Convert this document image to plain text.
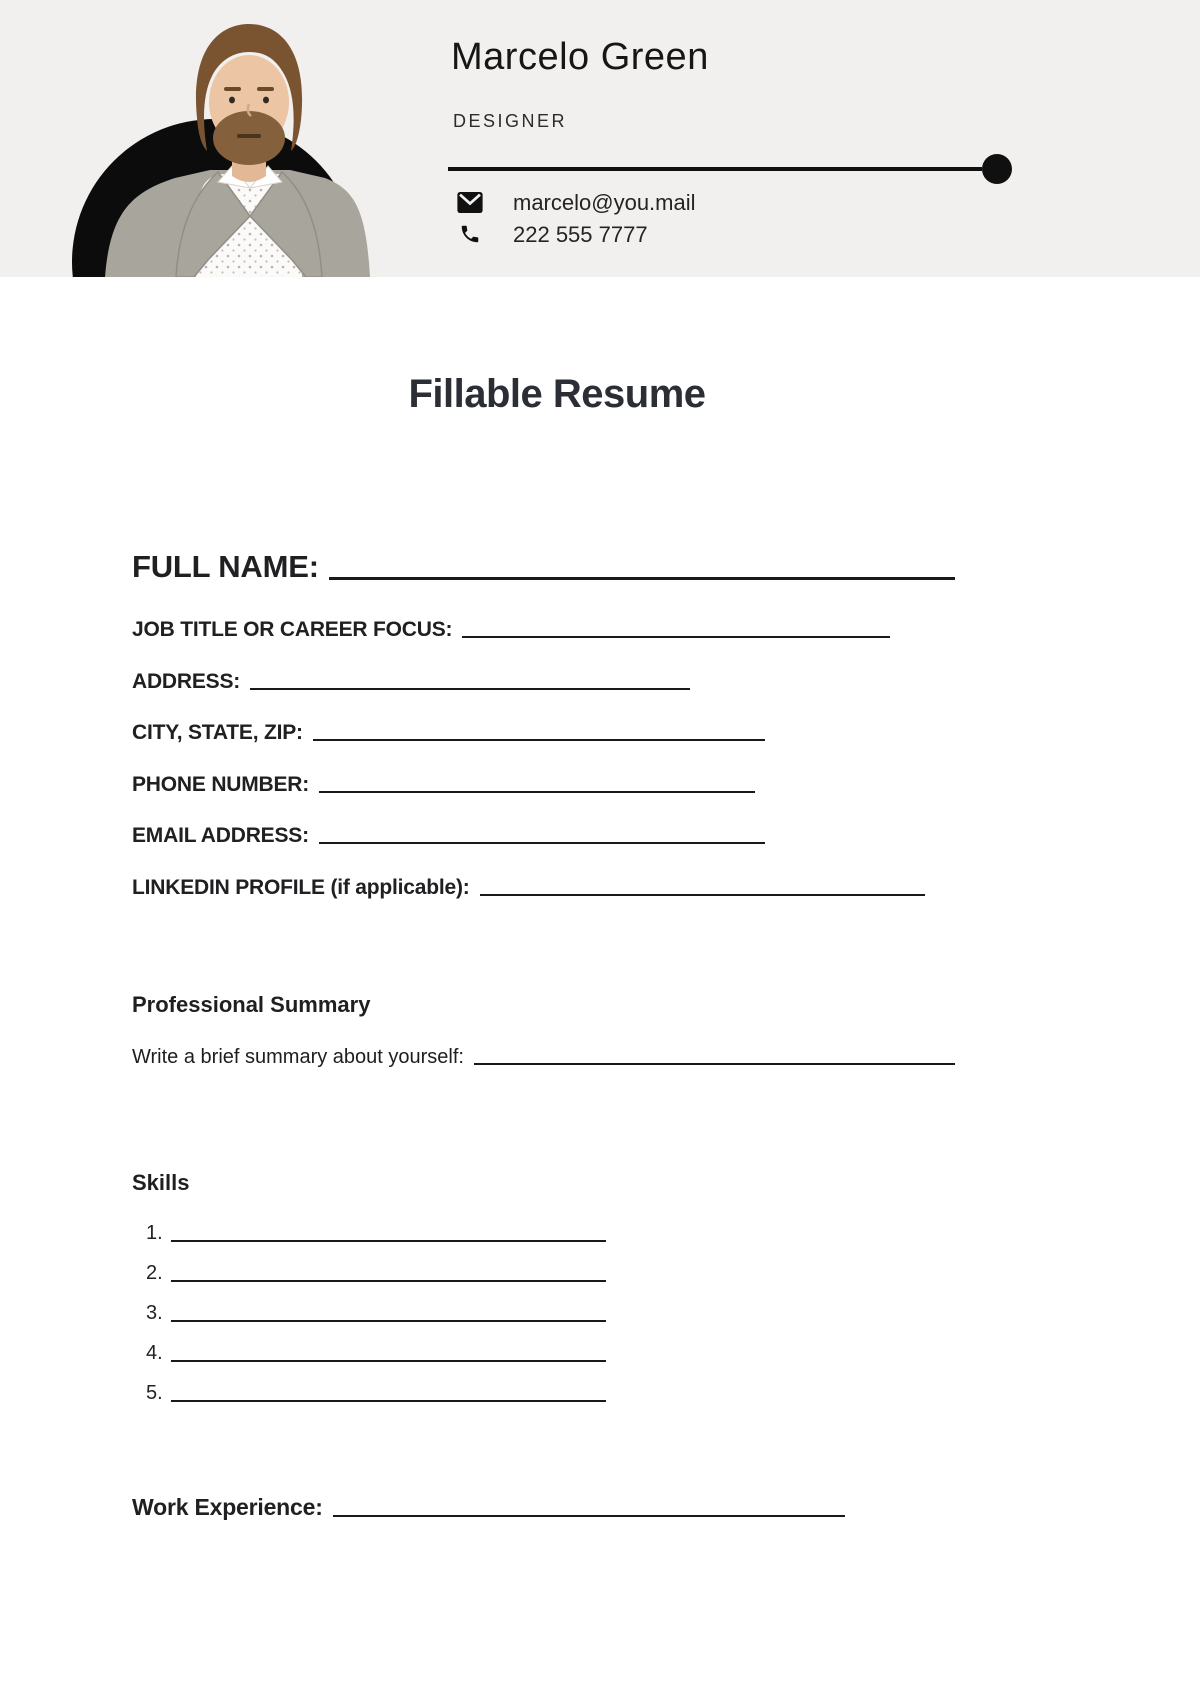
Marcelo Green
DESIGNER
marcelo@you.mail
222 555 7777
Fillable Resume
FULL NAME:
JOB TITLE OR CAREER FOCUS:
ADDRESS:
CITY, STATE, ZIP:
PHONE NUMBER:
EMAIL ADDRESS:
LINKEDIN PROFILE (if applicable):
Professional Summary
Write a brief summary about yourself:
Skills
1.
2.
3.
4.
5.
Work Experience:
